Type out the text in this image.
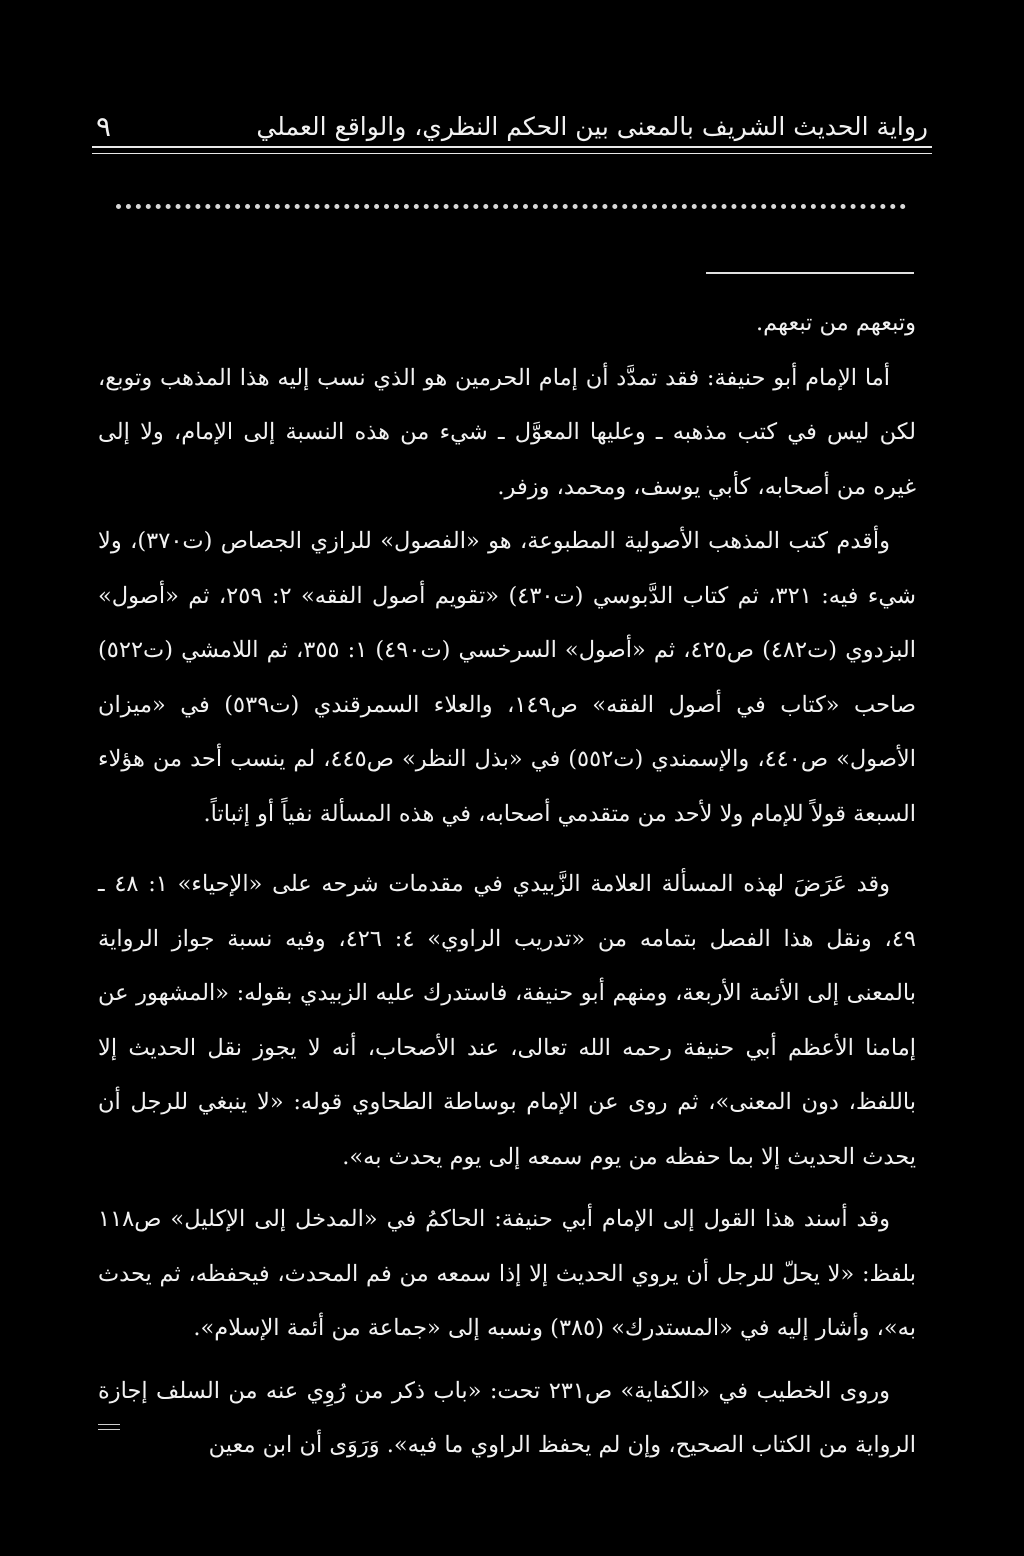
رواية الحديث الشريف بالمعنى بين الحكم النظري، والواقع العملي
٩

وتبعهم من تبعهم.

أما الإمام أبو حنيفة: فقد تمدَّد أن إمام الحرمين هو الذي نسب إليه هذا المذهب وتوبع، لكن ليس في كتب مذهبه ـ وعليها المعوَّل ـ شيء من هذه النسبة إلى الإمام، ولا إلى غيره من أصحابه، كأبي يوسف، ومحمد، وزفر.

وأقدم كتب المذهب الأصولية المطبوعة، هو «الفصول» للرازي الجصاص (ت٣٧٠)، ولا شيء فيه: ٣٢١، ثم كتاب الدَّبوسي (ت٤٣٠) «تقويم أصول الفقه» ٢: ٢٥٩، ثم «أصول» البزدوي (ت٤٨٢) ص٤٢٥، ثم «أصول» السرخسي (ت٤٩٠) ١: ٣٥٥، ثم اللامشي (ت٥٢٢) صاحب «كتاب في أصول الفقه» ص١٤٩، والعلاء السمرقندي (ت٥٣٩) في «ميزان الأصول» ص٤٤٠، والإسمندي (ت٥٥٢) في «بذل النظر» ص٤٤٥، لم ينسب أحد من هؤلاء السبعة قولاً للإمام ولا لأحد من متقدمي أصحابه، في هذه المسألة نفياً أو إثباتاً.

وقد عَرَضَ لهذه المسألة العلامة الزَّبيدي في مقدمات شرحه على «الإحياء» ١: ٤٨ ـ ٤٩، ونقل هذا الفصل بتمامه من «تدريب الراوي» ٤: ٤٢٦، وفيه نسبة جواز الرواية بالمعنى إلى الأئمة الأربعة، ومنهم أبو حنيفة، فاستدرك عليه الزبيدي بقوله: «المشهور عن إمامنا الأعظم أبي حنيفة رحمه الله تعالى، عند الأصحاب، أنه لا يجوز نقل الحديث إلا باللفظ، دون المعنى»، ثم روى عن الإمام بوساطة الطحاوي قوله: «لا ينبغي للرجل أن يحدث الحديث إلا بما حفظه من يوم سمعه إلى يوم يحدث به».

وقد أسند هذا القول إلى الإمام أبي حنيفة: الحاكمُ في «المدخل إلى الإكليل» ص١١٨ بلفظ: «لا يحلّ للرجل أن يروي الحديث إلا إذا سمعه من فم المحدث، فيحفظه، ثم يحدث به»، وأشار إليه في «المستدرك» (٣٨٥) ونسبه إلى «جماعة من أئمة الإسلام».

وروى الخطيب في «الكفاية» ص٢٣١ تحت: «باب ذكر من رُوِي عنه من السلف إجازة الرواية من الكتاب الصحيح، وإن لم يحفظ الراوي ما فيه». وَرَوَى أن ابن معين
